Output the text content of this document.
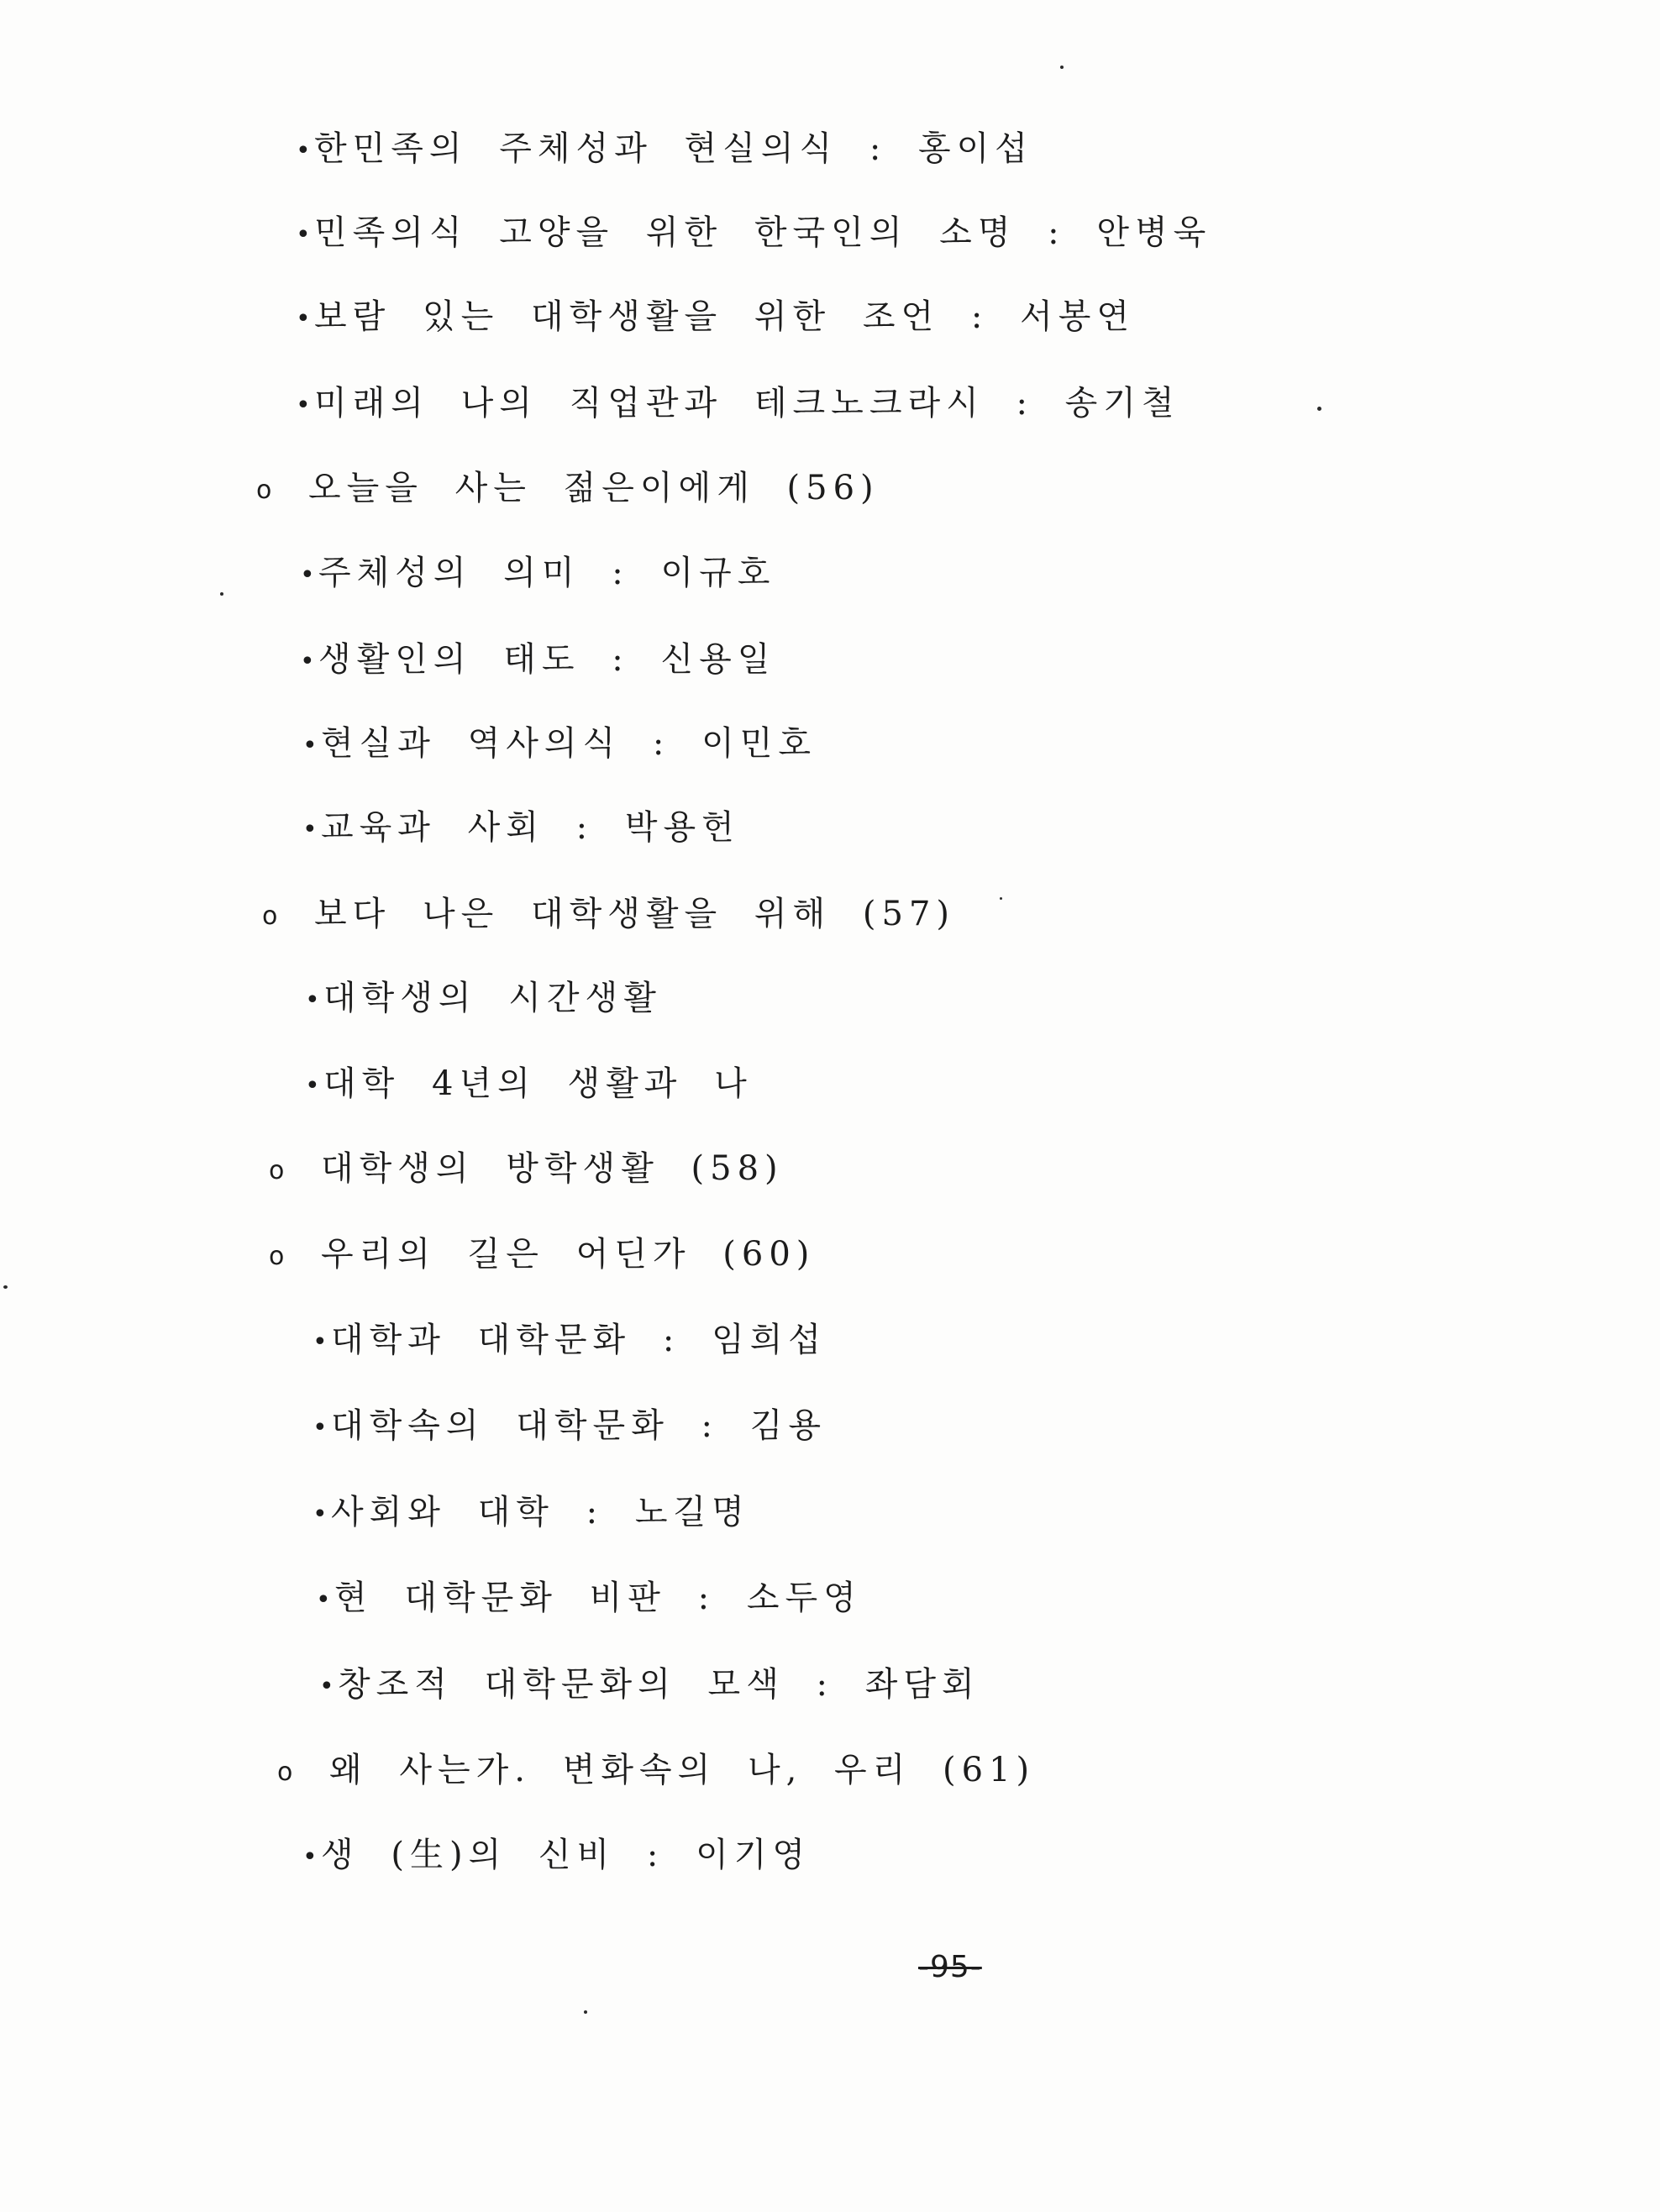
•한민족의 주체성과 현실의식 : 홍이섭
•민족의식 고양을 위한 한국인의 소명 : 안병욱
•보람 있는 대학생활을 위한 조언 : 서봉연
•미래의 나의 직업관과 테크노크라시 : 송기철
o 오늘을 사는 젊은이에게 (56)
•주체성의 의미 : 이규호
•생활인의 태도 : 신용일
•현실과 역사의식 : 이민호
•교육과 사회 : 박용헌
o 보다 나은 대학생활을 위해 (57)
•대학생의 시간생활
•대학 4년의 생활과 나
o 대학생의 방학생활 (58)
o 우리의 길은 어딘가 (60)
•대학과 대학문화 : 임희섭
•대학속의 대학문화 : 김용
•사회와 대학 : 노길명
•현 대학문화 비판 : 소두영
•창조적 대학문화의 모색 : 좌담회
o 왜 사는가. 변화속의 나, 우리 (61)
•생 (生)의 신비 : 이기영
-95-
